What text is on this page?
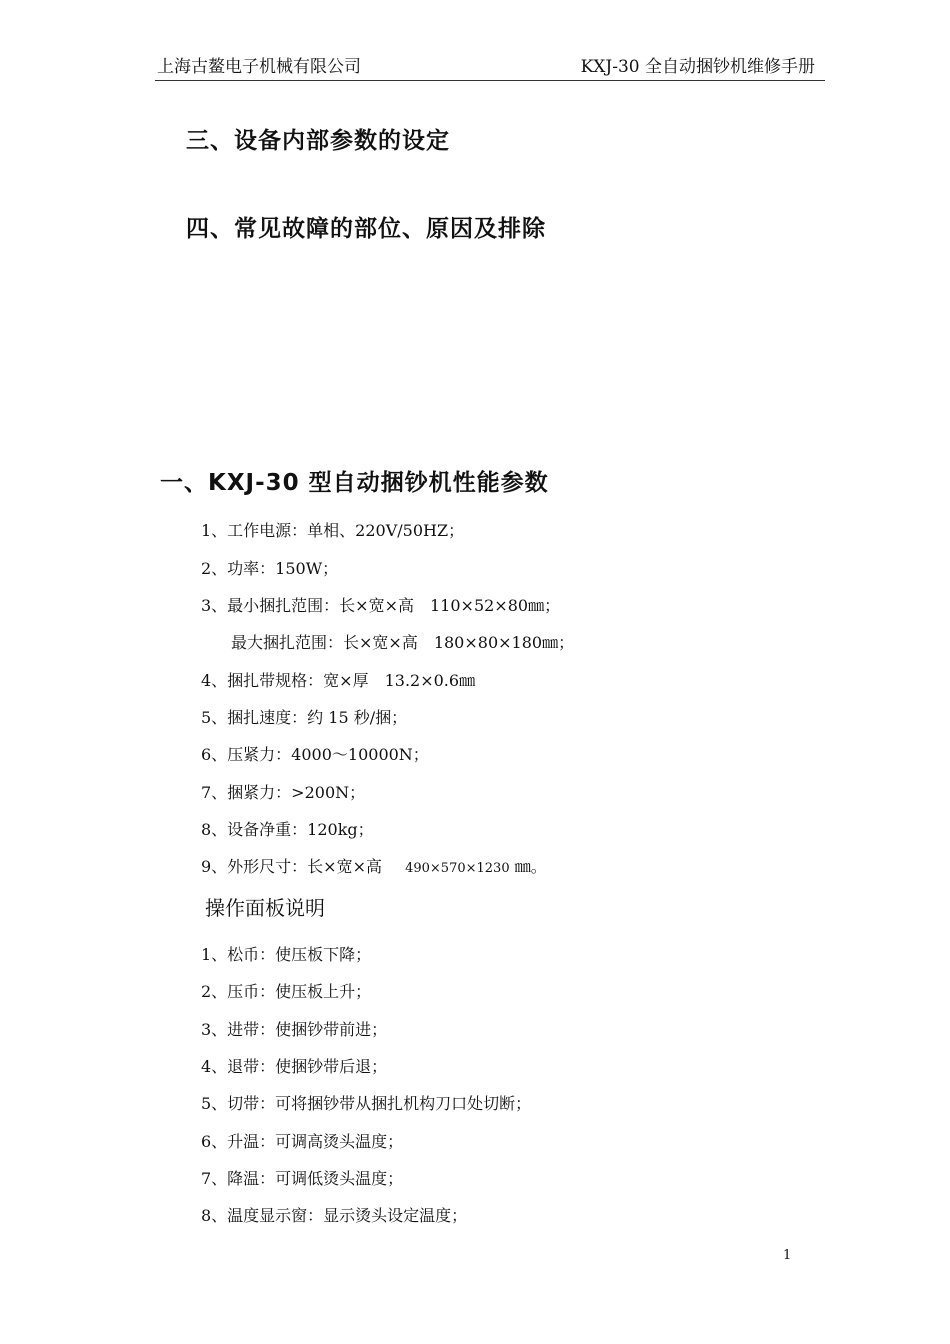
上海古鳌电子机械有限公司	KXJ-30 全自动捆钞机维修手册
三、设备内部参数的设定
四、常见故障的部位、原因及排除
一、KXJ-30 型自动捆钞机性能参数
1、工作电源：单相、220V/50HZ；
2、功率：150W；
3、最小捆扎范围：长×宽×高　110×52×80㎜；
最大捆扎范围：长×宽×高　180×80×180㎜；
4、捆扎带规格：宽×厚　13.2×0.6㎜
5、捆扎速度：约 15 秒/捆；
6、压紧力：4000～10000N；
7、捆紧力：>200N；
8、设备净重：120kg；
9、外形尺寸：长×宽×高 490×570×1230 ㎜。
操作面板说明
1、松币：使压板下降；
2、压币：使压板上升；
3、进带：使捆钞带前进；
4、退带：使捆钞带后退；
5、切带：可将捆钞带从捆扎机构刀口处切断；
6、升温：可调高烫头温度；
7、降温：可调低烫头温度；
8、温度显示窗：显示烫头设定温度；
1
